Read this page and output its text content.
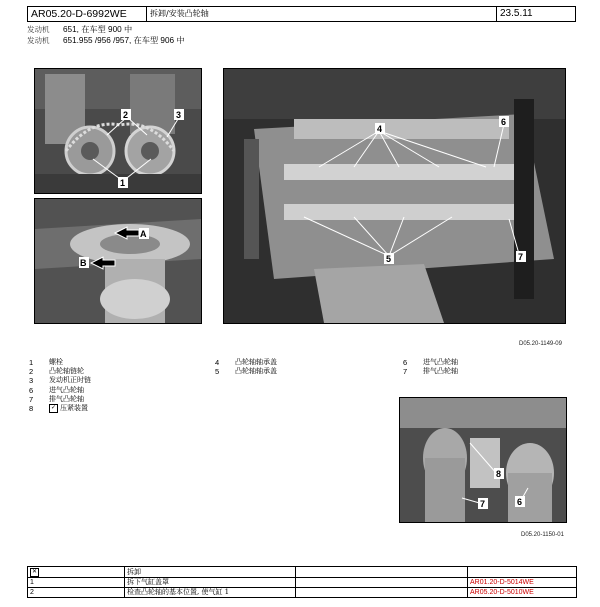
AR05.20-D-6992WE	拆卸/安装凸轮轴	23.5.11
发动机 651, 在车型 900 中
发动机 651.955 /956 /957, 在车型 906 中
2	3
1
A
B
4
6
5	7
D05.20-1149-09
1	螺栓
2	凸轮轴链轮
3	发动机正时链
6	进气凸轮轴
7	排气凸轮轴
8	✓ 压紧装置
4	凸轮轴轴承盖
5	凸轮轴轴承盖
6	进气凸轮轴
7	排气凸轮轴
8
7	6
D05.20-1150-01
✕	拆卸		
1	拆下气缸盖罩		AR01.20-D-5014WE
2	检查凸轮轴的基本位置, 使气缸 1		AR05.20-D-5010WE
